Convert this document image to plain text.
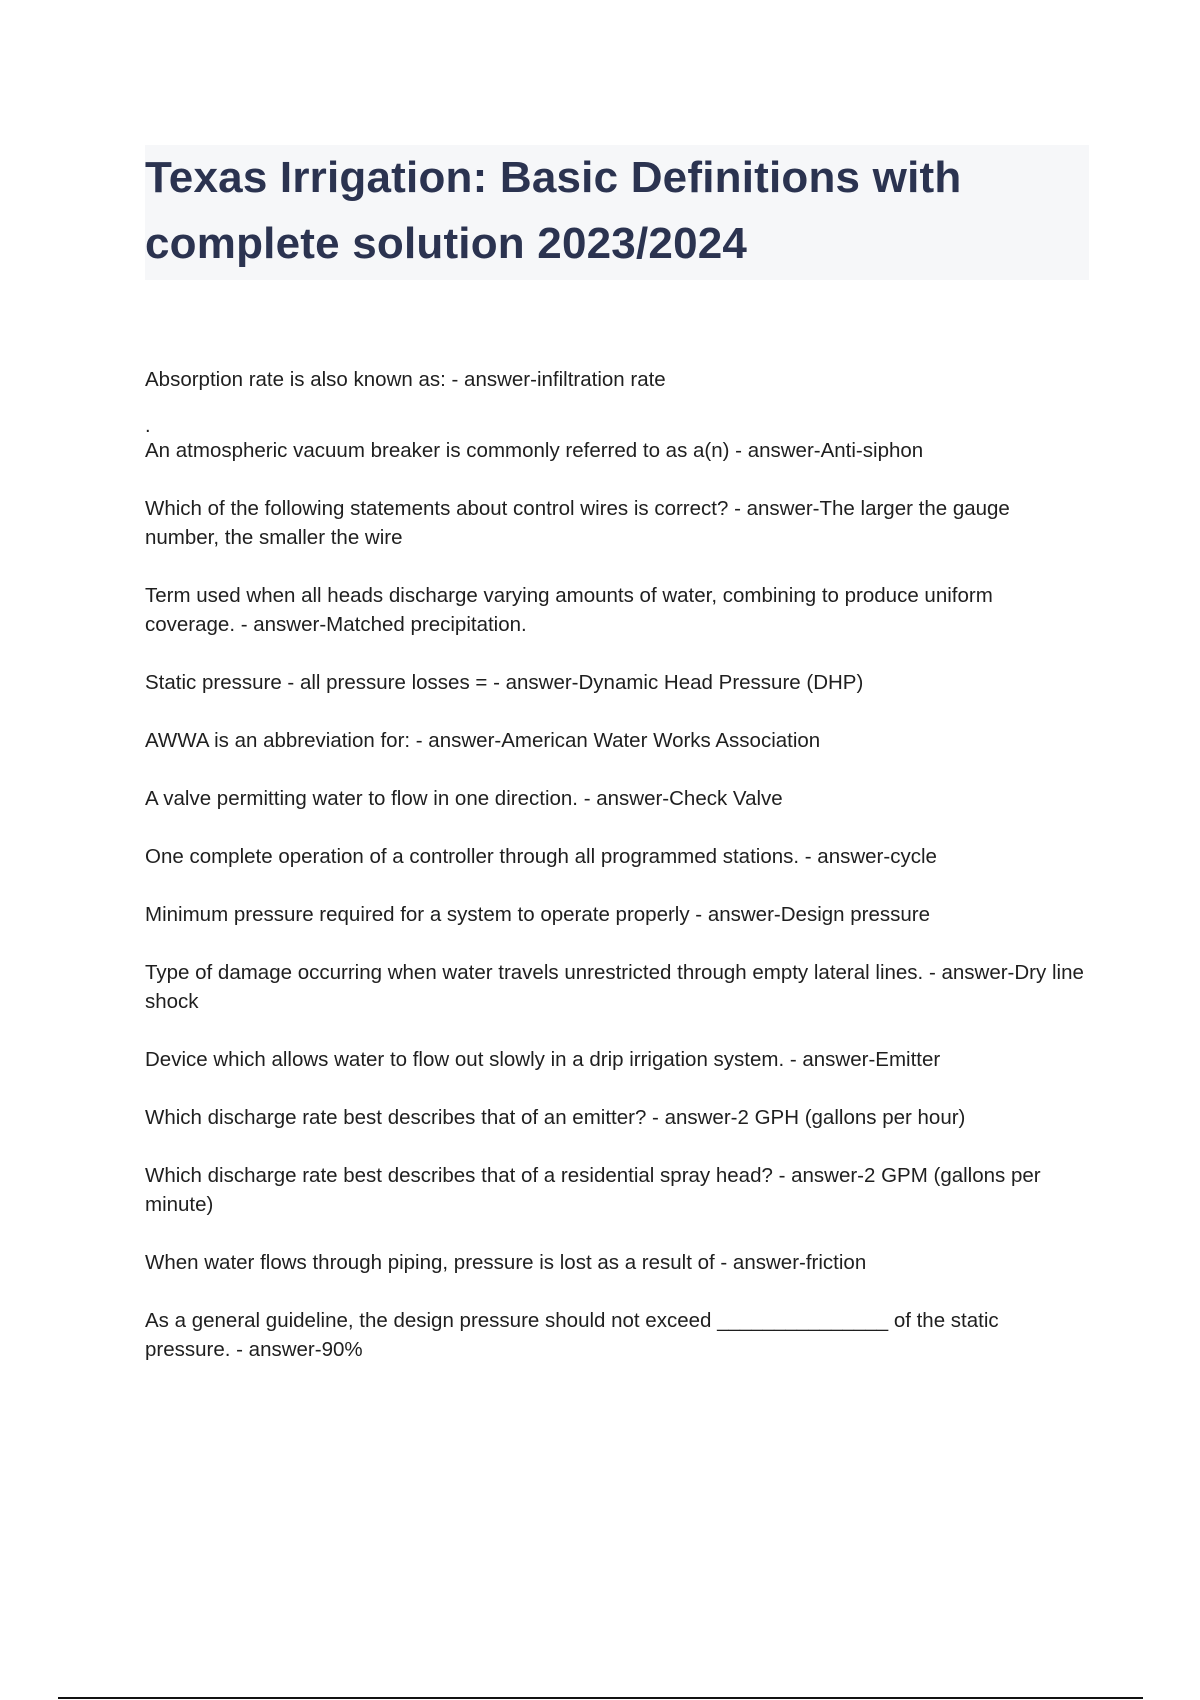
Texas Irrigation: Basic Definitions with complete solution 2023/2024
Absorption rate is also known as: - answer-infiltration rate
.
An atmospheric vacuum breaker is commonly referred to as a(n) - answer-Anti-siphon
Which of the following statements about control wires is correct? - answer-The larger the gauge number, the smaller the wire
Term used when all heads discharge varying amounts of water, combining to produce uniform coverage. - answer-Matched precipitation.
Static pressure - all pressure losses = - answer-Dynamic Head Pressure (DHP)
AWWA is an abbreviation for: - answer-American Water Works Association
A valve permitting water to flow in one direction. - answer-Check Valve
One complete operation of a controller through all programmed stations. - answer-cycle
Minimum pressure required for a system to operate properly - answer-Design pressure
Type of damage occurring when water travels unrestricted through empty lateral lines. - answer-Dry line shock
Device which allows water to flow out slowly in a drip irrigation system. - answer-Emitter
Which discharge rate best describes that of an emitter? - answer-2 GPH (gallons per hour)
Which discharge rate best describes that of a residential spray head? - answer-2 GPM (gallons per minute)
When water flows through piping, pressure is lost as a result of - answer-friction
As a general guideline, the design pressure should not exceed _______________ of the static pressure. - answer-90%
